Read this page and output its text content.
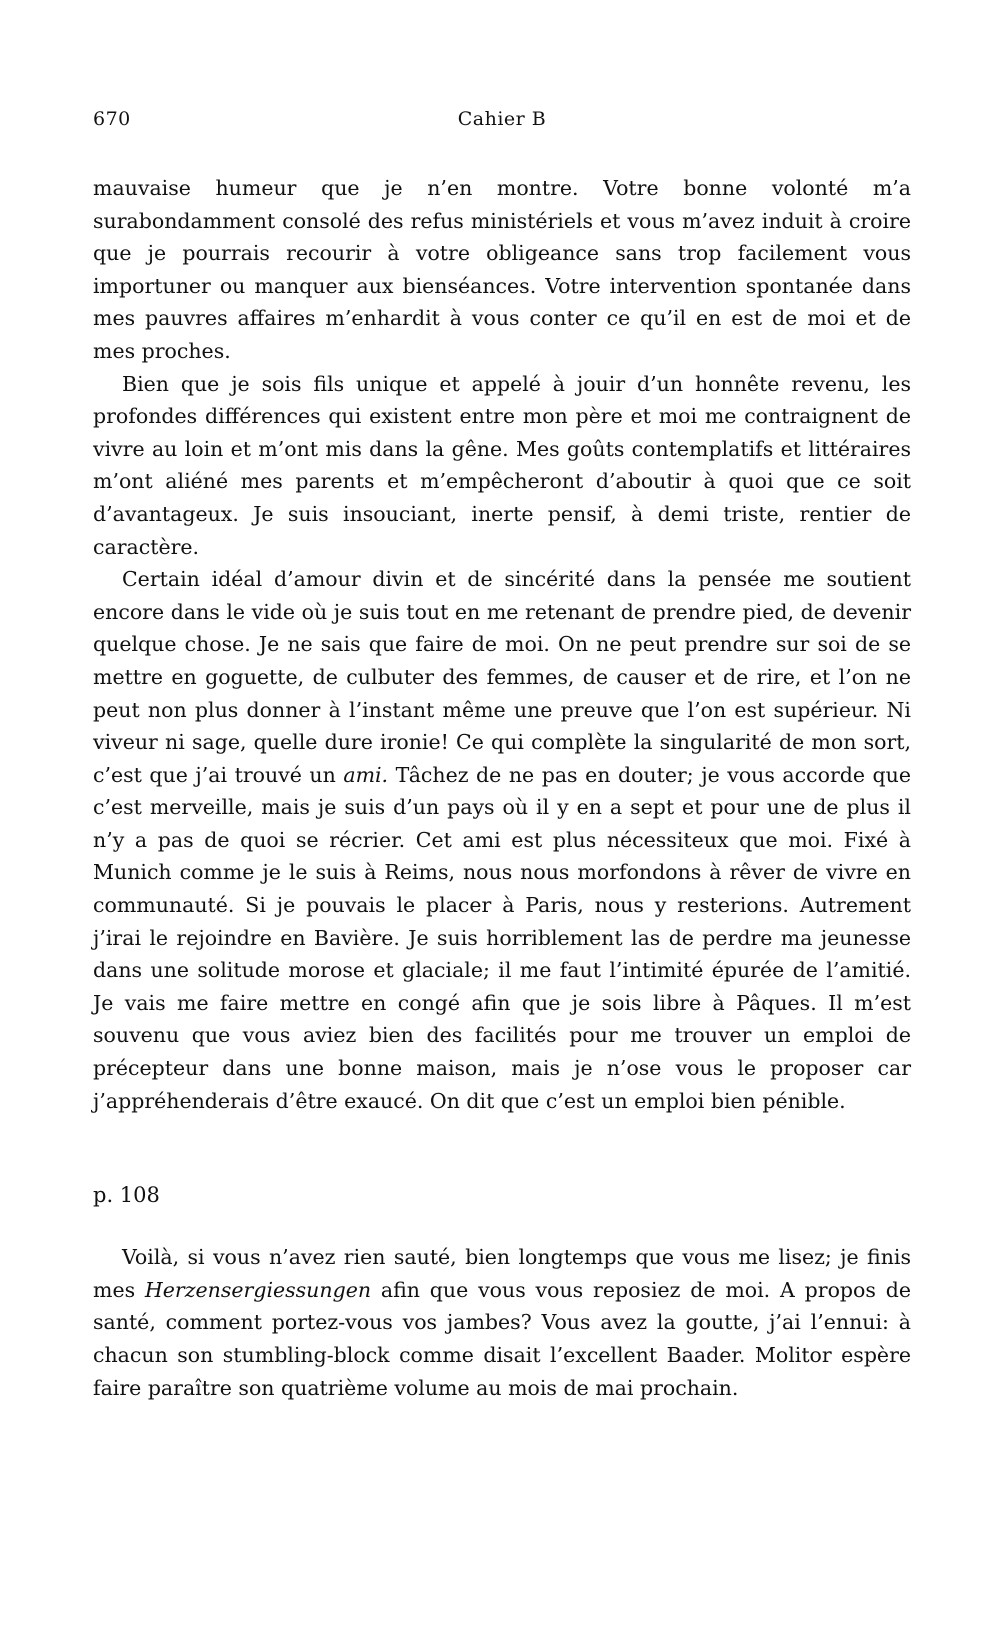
670	Cahier B

mauvaise humeur que je n’en montre. Votre bonne volonté m’a surabondamment consolé des refus ministériels et vous m’avez induit à croire que je pourrais recourir à votre obligeance sans trop facilement vous importuner ou manquer aux bienséances. Votre intervention spontanée dans mes pauvres affaires m’enhardit à vous conter ce qu’il en est de moi et de mes proches.

Bien que je sois fils unique et appelé à jouir d’un honnête revenu, les profondes différences qui existent entre mon père et moi me contraignent de vivre au loin et m’ont mis dans la gêne. Mes goûts contemplatifs et littéraires m’ont aliéné mes parents et m’empêcheront d’aboutir à quoi que ce soit d’avantageux. Je suis insouciant, inerte pensif, à demi triste, rentier de caractère.

Certain idéal d’amour divin et de sincérité dans la pensée me soutient encore dans le vide où je suis tout en me retenant de prendre pied, de devenir quelque chose. Je ne sais que faire de moi. On ne peut prendre sur soi de se mettre en goguette, de culbuter des femmes, de causer et de rire, et l’on ne peut non plus donner à l’instant même une preuve que l’on est supérieur. Ni viveur ni sage, quelle dure ironie! Ce qui complète la singularité de mon sort, c’est que j’ai trouvé un ami. Tâchez de ne pas en douter; je vous accorde que c’est merveille, mais je suis d’un pays où il y en a sept et pour une de plus il n’y a pas de quoi se récrier. Cet ami est plus nécessiteux que moi. Fixé à Munich comme je le suis à Reims, nous nous morfondons à rêver de vivre en communauté. Si je pouvais le placer à Paris, nous y resterions. Autrement j’irai le rejoindre en Bavière. Je suis horriblement las de perdre ma jeunesse dans une solitude morose et glaciale; il me faut l’intimité épurée de l’amitié. Je vais me faire mettre en congé afin que je sois libre à Pâques. Il m’est souvenu que vous aviez bien des facilités pour me trouver un emploi de précepteur dans une bonne maison, mais je n’ose vous le proposer car j’appréhenderais d’être exaucé. On dit que c’est un emploi bien pénible.

p. 108

Voilà, si vous n’avez rien sauté, bien longtemps que vous me lisez; je finis mes Herzensergiessungen afin que vous vous reposiez de moi. A propos de santé, comment portez-vous vos jambes? Vous avez la goutte, j’ai l’ennui: à chacun son stumbling-block comme disait l’excellent Baader. Molitor espère faire paraître son quatrième volume au mois de mai prochain.
